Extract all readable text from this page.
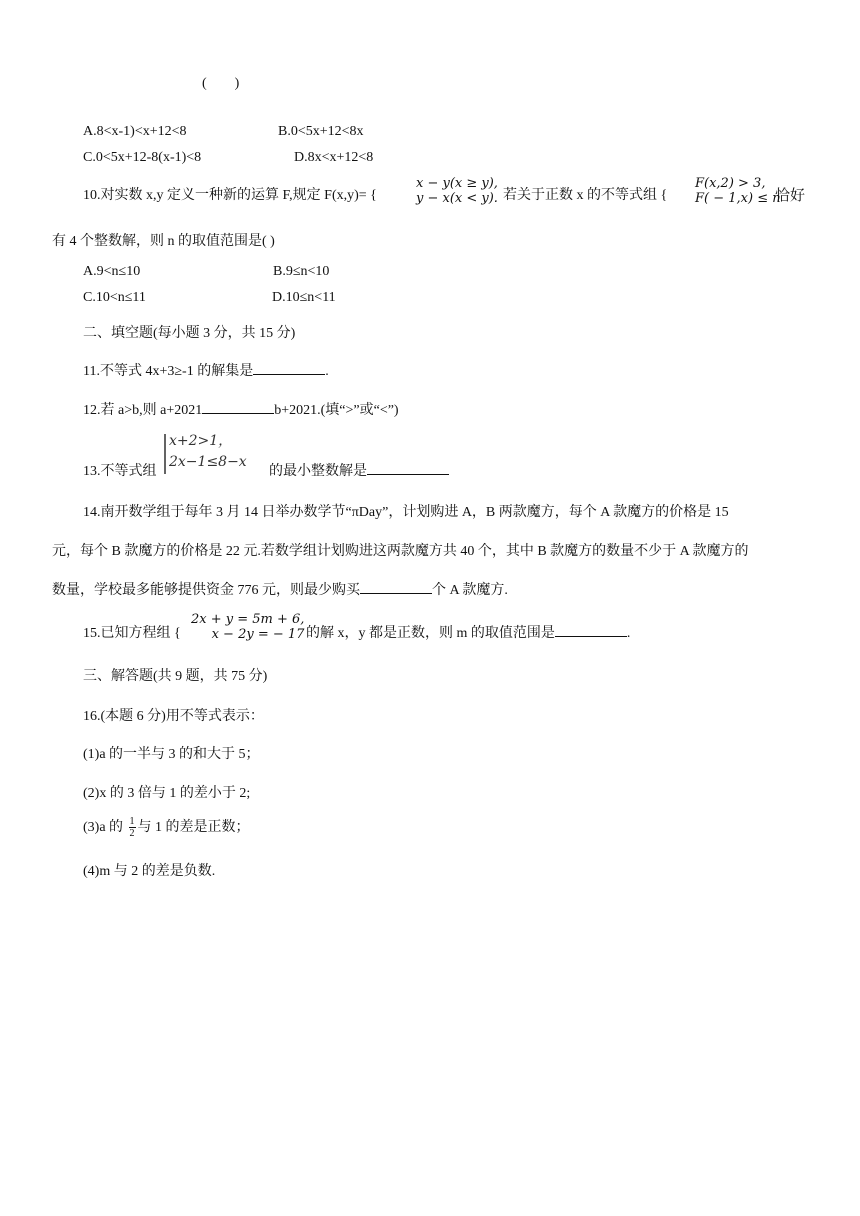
(　　)
A.8<x-1)<x+12<8	B.0<5x+12<8x
C.0<5x+12-8(x-1)<8	D.8x<x+12<8
10.对实数 x,y 定义一种新的运算 F,规定 F(x,y)= {
x − y(x ≥ y),
y − x(x < y). 若关于正数 x 的不等式组 {
F(x,2) > 3,
F( − 1,x) ≤ n
恰好
有 4 个整数解，则 n 的取值范围是( )
A.9<n≤10	B.9≤n<10
C.10<n≤11	D.10≤n<11
二、填空题(每小题 3 分，共 15 分)
11.不等式 4x+3≥-1 的解集是	.
12.若 a>b,则 a+2021	b+2021.(填“>”或“<”)
13.不等式组
x+2>1，
2x−1≤8−x
的最小整数解是
14.南开数学组于每年 3 月 14 日举办数学节“πDay”，计划购进 A，B 两款魔方，每个 A 款魔方的价格是 15
元，每个 B 款魔方的价格是 22 元.若数学组计划购进这两款魔方共 40 个，其中 B 款魔方的数量不少于 A 款魔方的
数量，学校最多能够提供资金 776 元，则最少购买	个 A 款魔方.
15.已知方程组 {
2x + y = 5m + 6,
x − 2y = − 17 的解 x，y 都是正数，则 m 的取值范围是	.
三、解答题(共 9 题，共 75 分)
16.(本题 6 分)用不等式表示：
(1)a 的一半与 3 的和大于 5；
(2)x 的 3 倍与 1 的差小于 2;
(3)a 的 $\frac{1}{2}$ 与 1 的差是正数；
(4)m 与 2 的差是负数.
